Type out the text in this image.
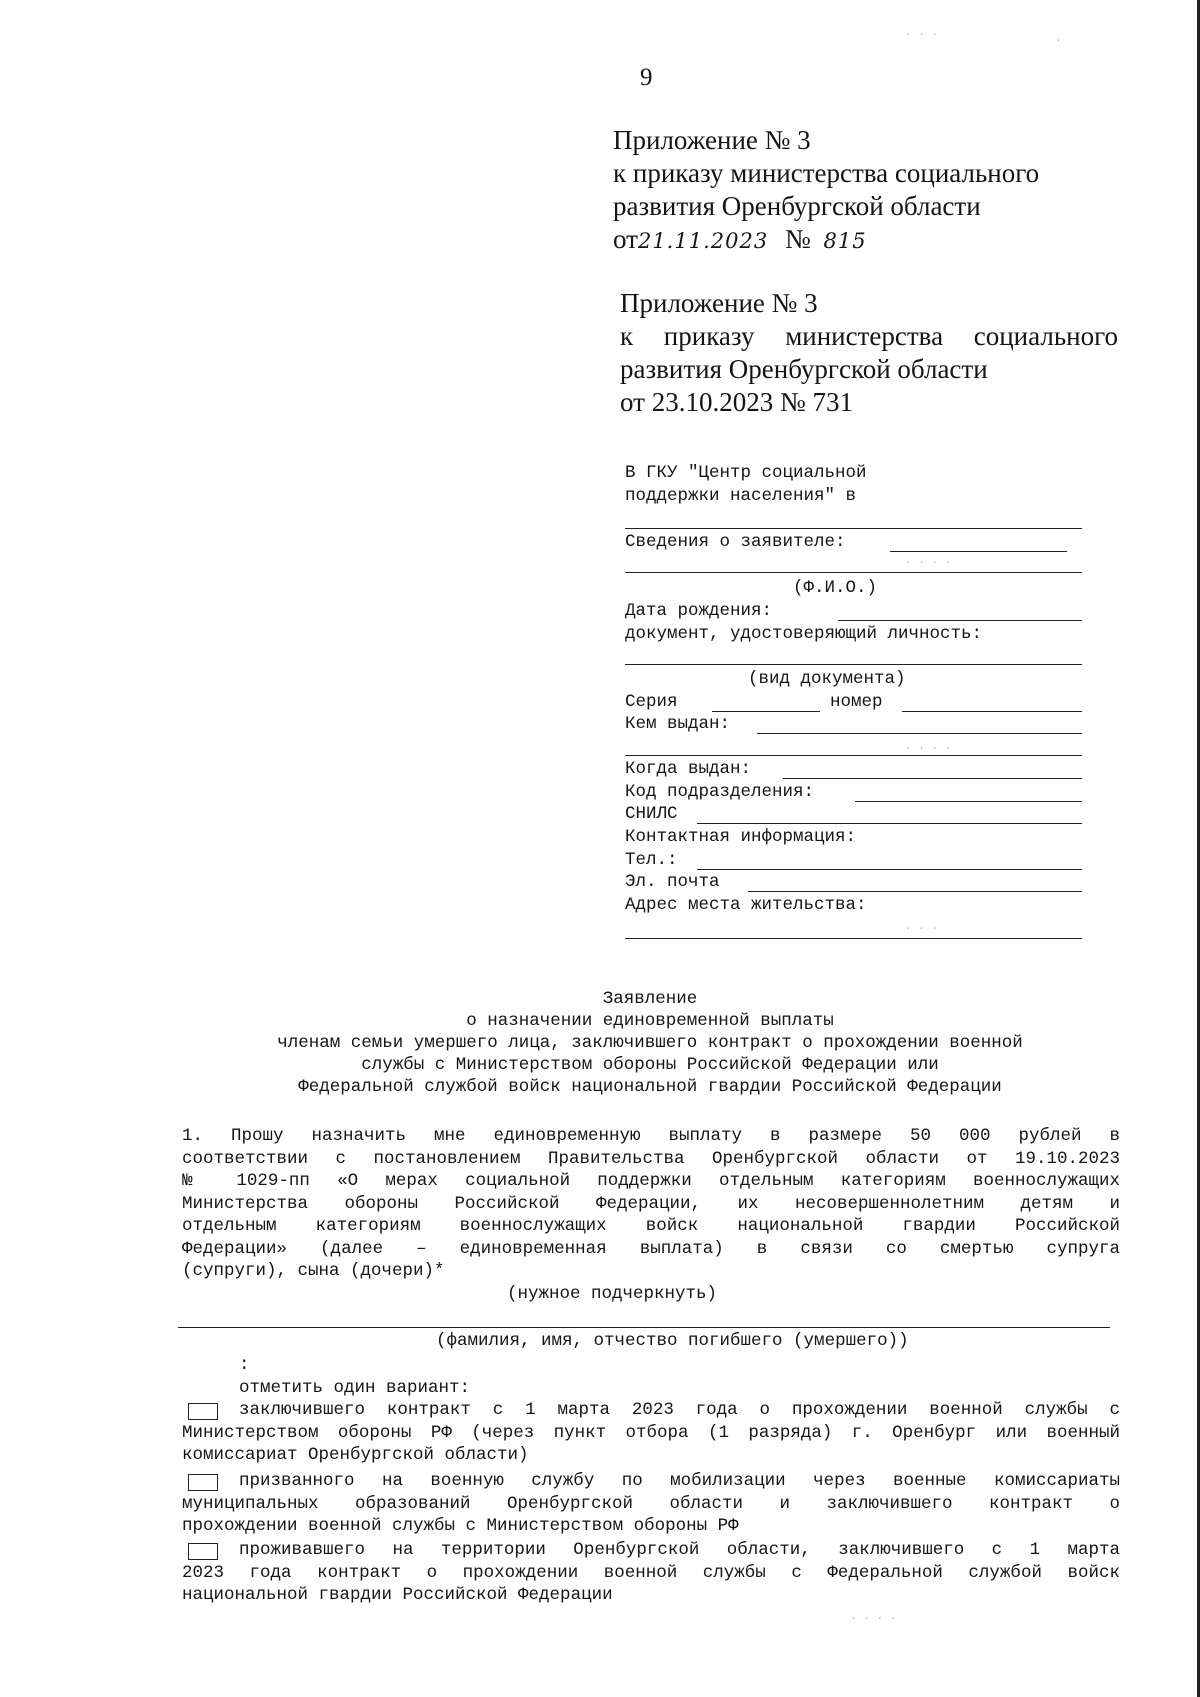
9
Приложение № 3
к приказу министерства социального
развития Оренбургской области
от21.11.2023 № 815
Приложение № 3
к приказу министерства социального
развития Оренбургской области
от 23.10.2023 № 731
В ГКУ "Центр социальной
поддержки населения" в
Сведения о заявителе:
(Ф.И.О.)
Дата рождения:
документ, удостоверяющий личность:
(вид документа)
Серия	номер
Кем выдан:
Когда выдан:
Код подразделения:
СНИЛС
Контактная информация:
Тел.:
Эл. почта
Адрес места жительства:
Заявление
о назначении единовременной выплаты
членам семьи умершего лица, заключившего контракт о прохождении военной
службы с Министерством обороны Российской Федерации или
Федеральной службой войск национальной гвардии Российской Федерации
1. Прошу назначить мне единовременную выплату в размере 50 000 рублей в
соответствии с постановлением Правительства Оренбургской области от 19.10.2023
№ 1029-пп «О мерах социальной поддержки отдельным категориям военнослужащих
Министерства обороны Российской Федерации, их несовершеннолетним детям и
отдельным категориям военнослужащих войск национальной гвардии Российской
Федерации» (далее – единовременная выплата) в связи со смертью супруга
(супруги), сына (дочери)*
(нужное подчеркнуть)
(фамилия, имя, отчество погибшего (умершего))
:
отметить один вариант:
заключившего контракт с 1 марта 2023 года о прохождении военной службы с
Министерством обороны РФ (через пункт отбора (1 разряда) г. Оренбург или военный
комиссариат Оренбургской области)
призванного на военную службу по мобилизации через военные комиссариаты
муниципальных образований Оренбургской области и заключившего контракт о
прохождении военной службы с Министерством обороны РФ
проживавшего на территории Оренбургской области, заключившего с 1 марта
2023 года контракт о прохождении военной службы с Федеральной службой войск
национальной гвардии Российской Федерации
· · ·	·
· · · ·
· · · ·
· · ·
· · · ·
